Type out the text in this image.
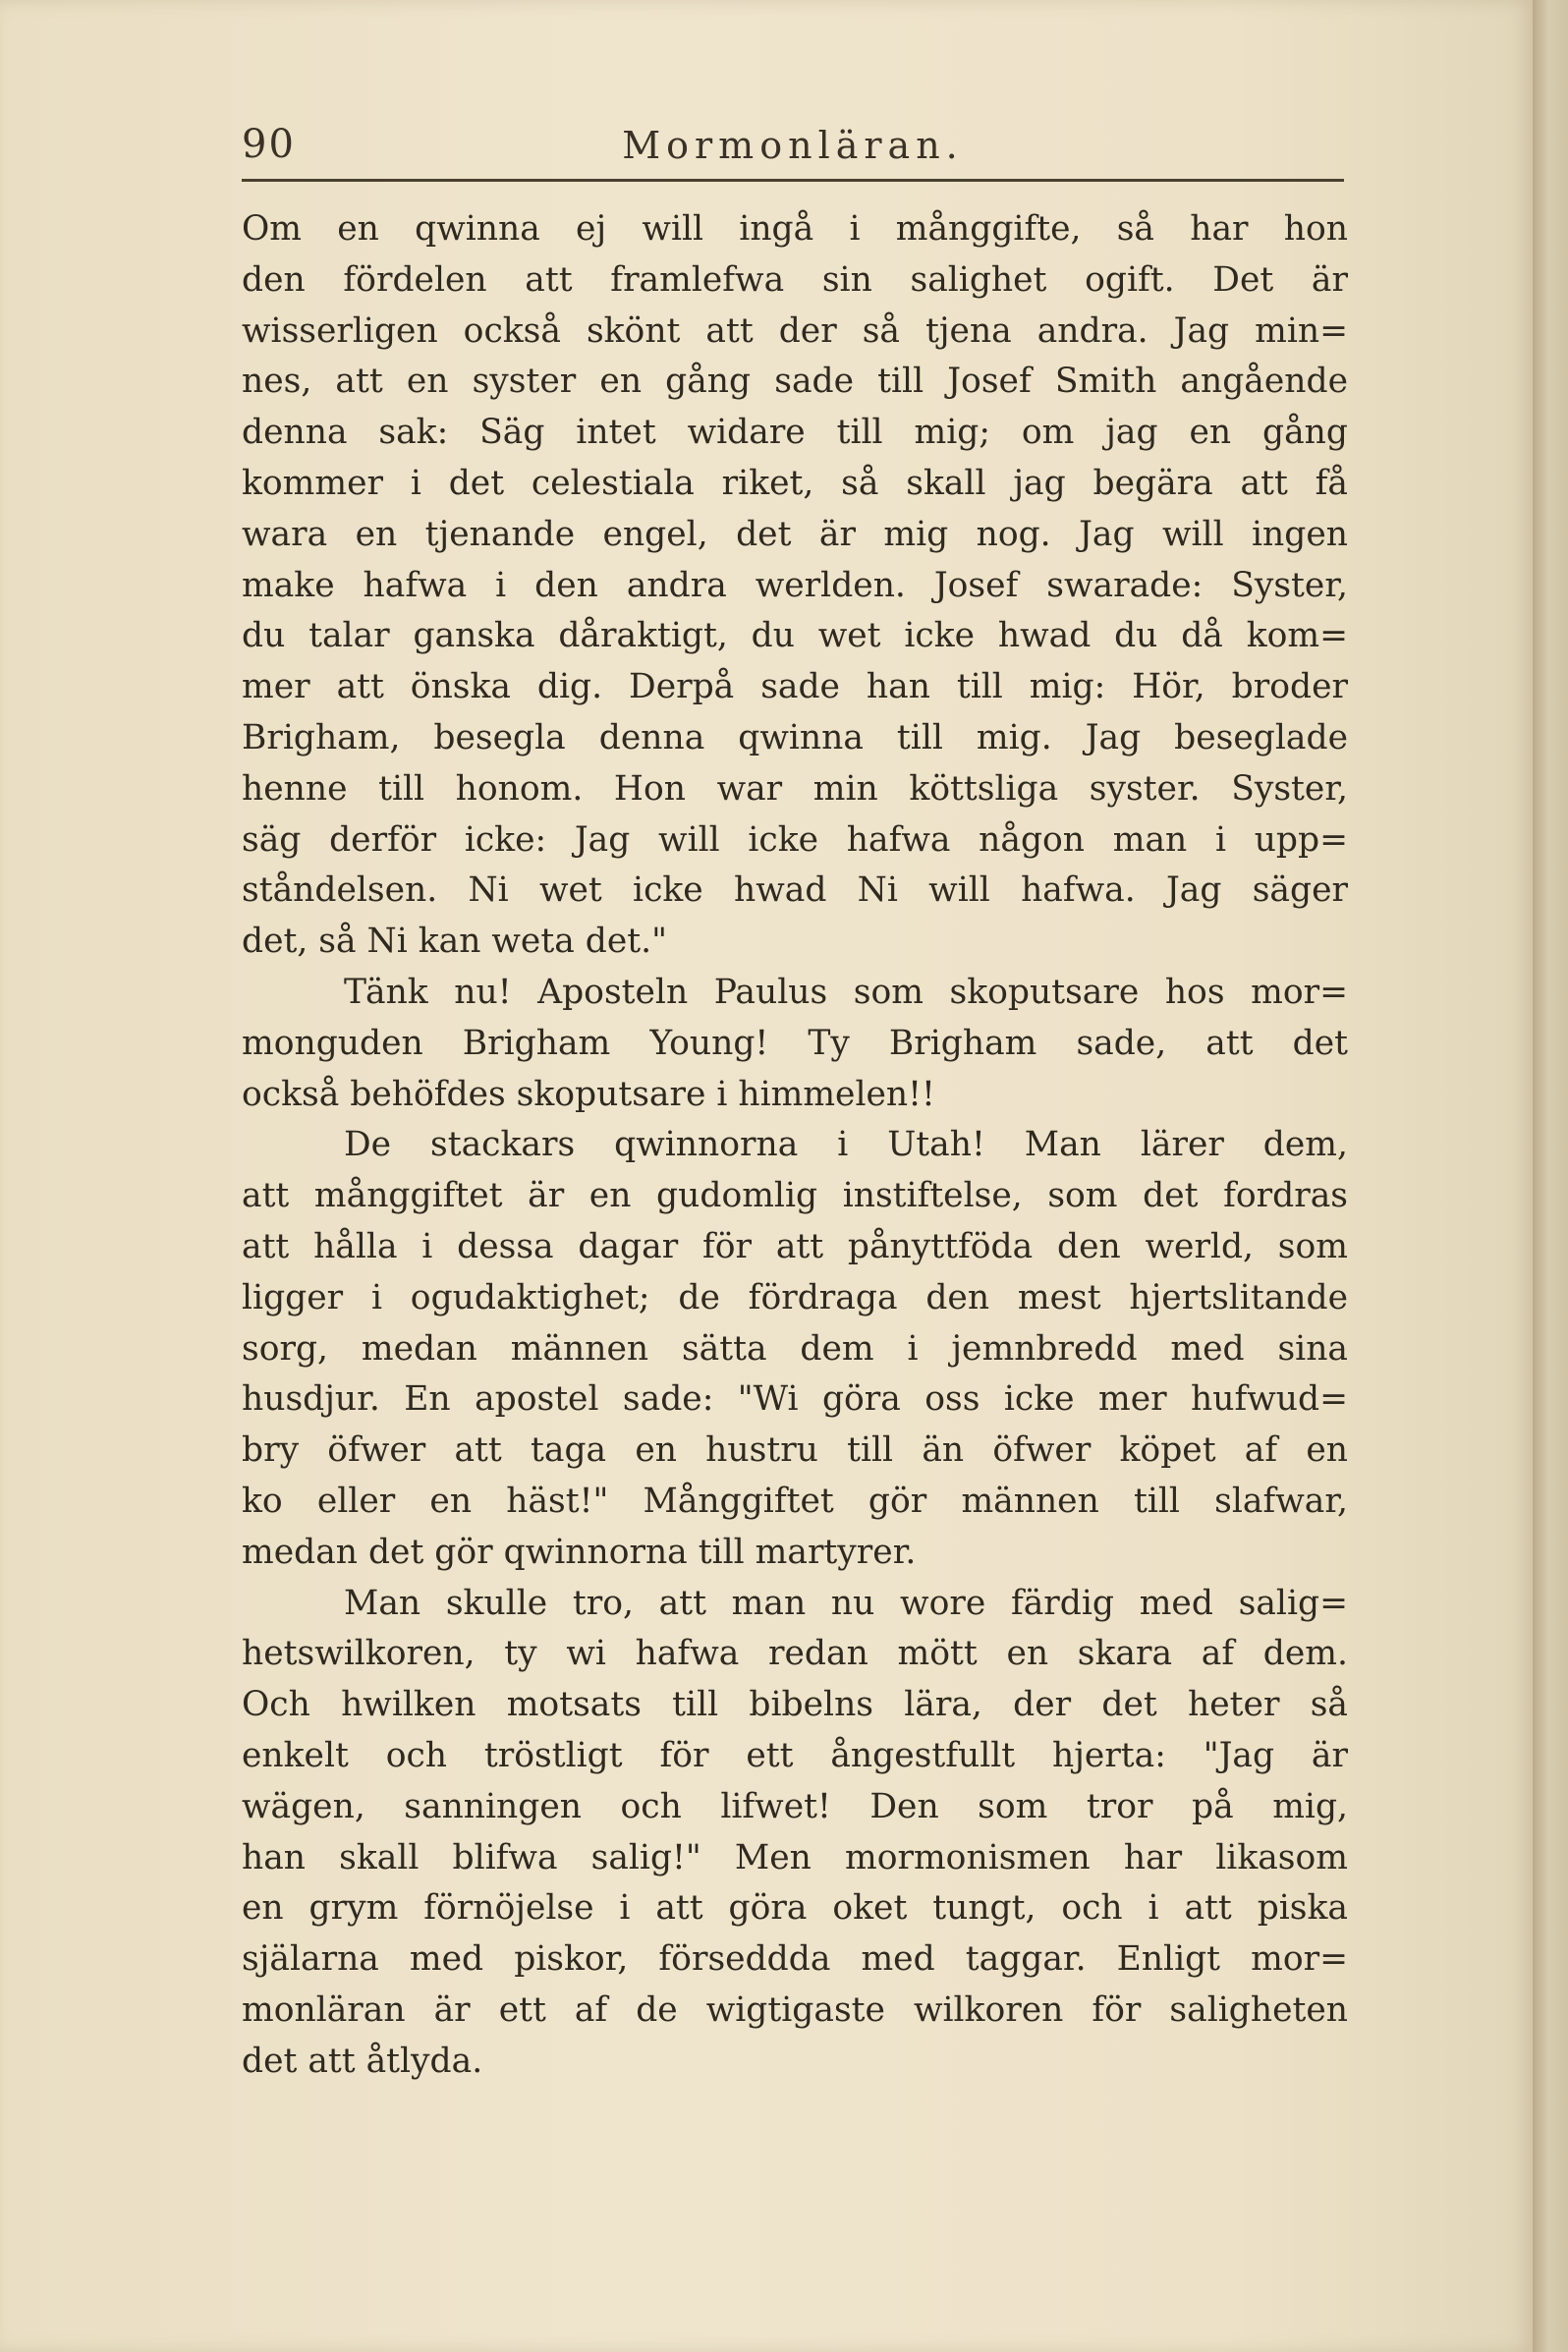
90	Mormonläran.
Om en qwinna ej will ingå i månggifte, så har hon
den fördelen att framlefwa sin salighet ogift. Det är
wisserligen också skönt att der så tjena andra. Jag min=
nes, att en syster en gång sade till Josef Smith angående
denna sak: Säg intet widare till mig; om jag en gång
kommer i det celestiala riket, så skall jag begära att få
wara en tjenande engel, det är mig nog. Jag will ingen
make hafwa i den andra werlden. Josef swarade: Syster,
du talar ganska dåraktigt, du wet icke hwad du då kom=
mer att önska dig. Derpå sade han till mig: Hör, broder
Brigham, besegla denna qwinna till mig. Jag beseglade
henne till honom. Hon war min köttsliga syster. Syster,
säg derför icke: Jag will icke hafwa någon man i upp=
ståndelsen. Ni wet icke hwad Ni will hafwa. Jag säger
det, så Ni kan weta det."
Tänk nu! Aposteln Paulus som skoputsare hos mor=
monguden Brigham Young! Ty Brigham sade, att det
också behöfdes skoputsare i himmelen!!
De stackars qwinnorna i Utah! Man lärer dem,
att månggiftet är en gudomlig instiftelse, som det fordras
att hålla i dessa dagar för att pånyttföda den werld, som
ligger i ogudaktighet; de fördraga den mest hjertslitande
sorg, medan männen sätta dem i jemnbredd med sina
husdjur. En apostel sade: "Wi göra oss icke mer hufwud=
bry öfwer att taga en hustru till än öfwer köpet af en
ko eller en häst!" Månggiftet gör männen till slafwar,
medan det gör qwinnorna till martyrer.
Man skulle tro, att man nu wore färdig med salig=
hetswilkoren, ty wi hafwa redan mött en skara af dem.
Och hwilken motsats till bibelns lära, der det heter så
enkelt och tröstligt för ett ångestfullt hjerta: "Jag är
wägen, sanningen och lifwet! Den som tror på mig,
han skall blifwa salig!" Men mormonismen har likasom
en grym förnöjelse i att göra oket tungt, och i att piska
själarna med piskor, förseddda med taggar. Enligt mor=
monläran är ett af de wigtigaste wilkoren för saligheten
det att åtlyda.
